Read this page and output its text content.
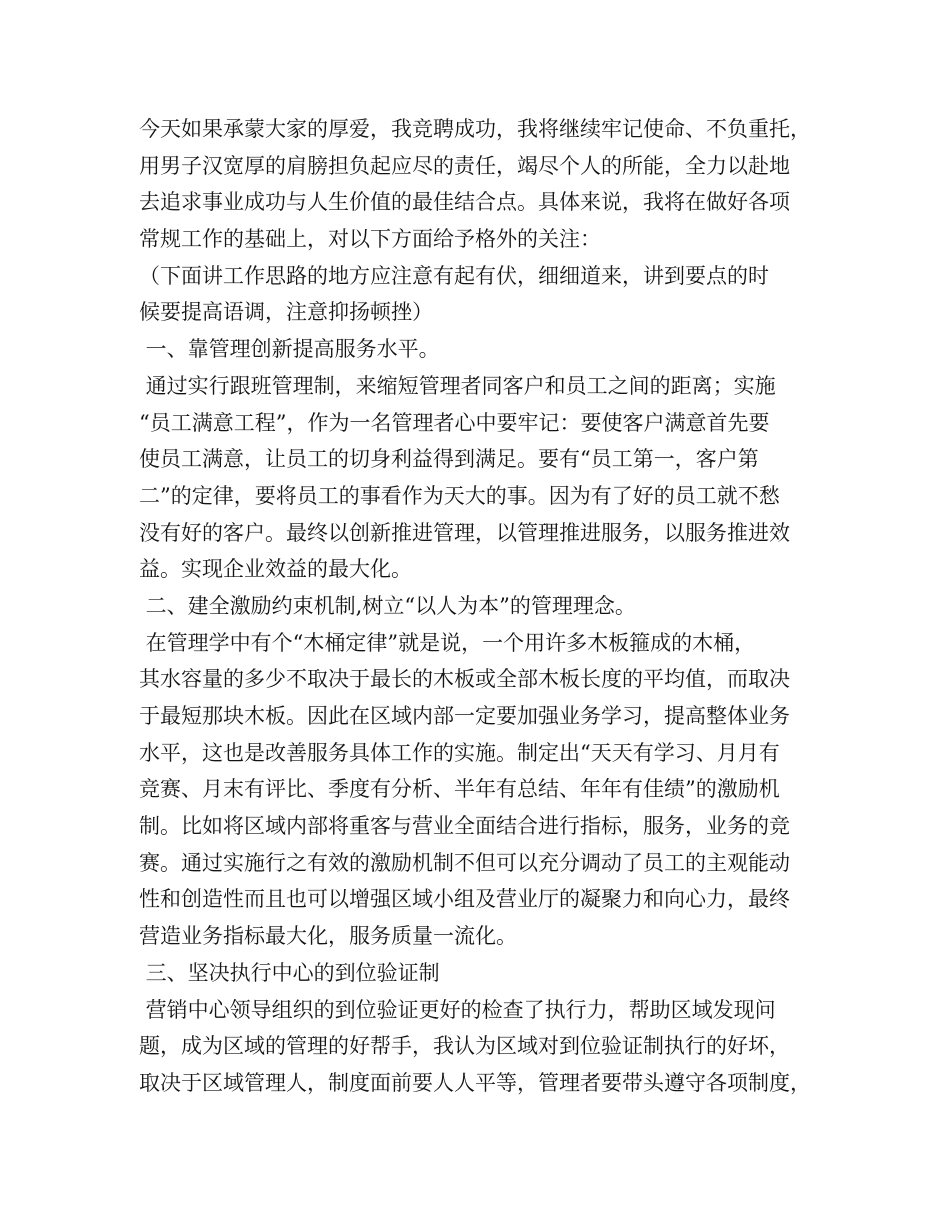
今天如果承蒙大家的厚爱，我竞聘成功，我将继续牢记使命、不负重托，
用男子汉宽厚的肩膀担负起应尽的责任，竭尽个人的所能，全力以赴地
去追求事业成功与人生价值的最佳结合点。具体来说，我将在做好各项
常规工作的基础上，对以下方面给予格外的关注：
（下面讲工作思路的地方应注意有起有伏，细细道来，讲到要点的时
候要提高语调，注意抑扬顿挫）
一、靠管理创新提高服务水平。
通过实行跟班管理制，来缩短管理者同客户和员工之间的距离；实施
“员工满意工程”，作为一名管理者心中要牢记：要使客户满意首先要
使员工满意，让员工的切身利益得到满足。要有“员工第一，客户第
二”的定律，要将员工的事看作为天大的事。因为有了好的员工就不愁
没有好的客户。最终以创新推进管理，以管理推进服务，以服务推进效
益。实现企业效益的最大化。
二、建全激励约束机制,树立“以人为本”的管理理念。
在管理学中有个“木桶定律”就是说，一个用许多木板箍成的木桶，
其水容量的多少不取决于最长的木板或全部木板长度的平均值，而取决
于最短那块木板。因此在区域内部一定要加强业务学习，提高整体业务
水平，这也是改善服务具体工作的实施。制定出“天天有学习、月月有
竞赛、月末有评比、季度有分析、半年有总结、年年有佳绩”的激励机
制。比如将区域内部将重客与营业全面结合进行指标，服务，业务的竞
赛。通过实施行之有效的激励机制不但可以充分调动了员工的主观能动
性和创造性而且也可以增强区域小组及营业厅的凝聚力和向心力，最终
营造业务指标最大化，服务质量一流化。
三、坚决执行中心的到位验证制
营销中心领导组织的到位验证更好的检查了执行力，帮助区域发现问
题，成为区域的管理的好帮手，我认为区域对到位验证制执行的好坏，
取决于区域管理人，制度面前要人人平等，管理者要带头遵守各项制度，
